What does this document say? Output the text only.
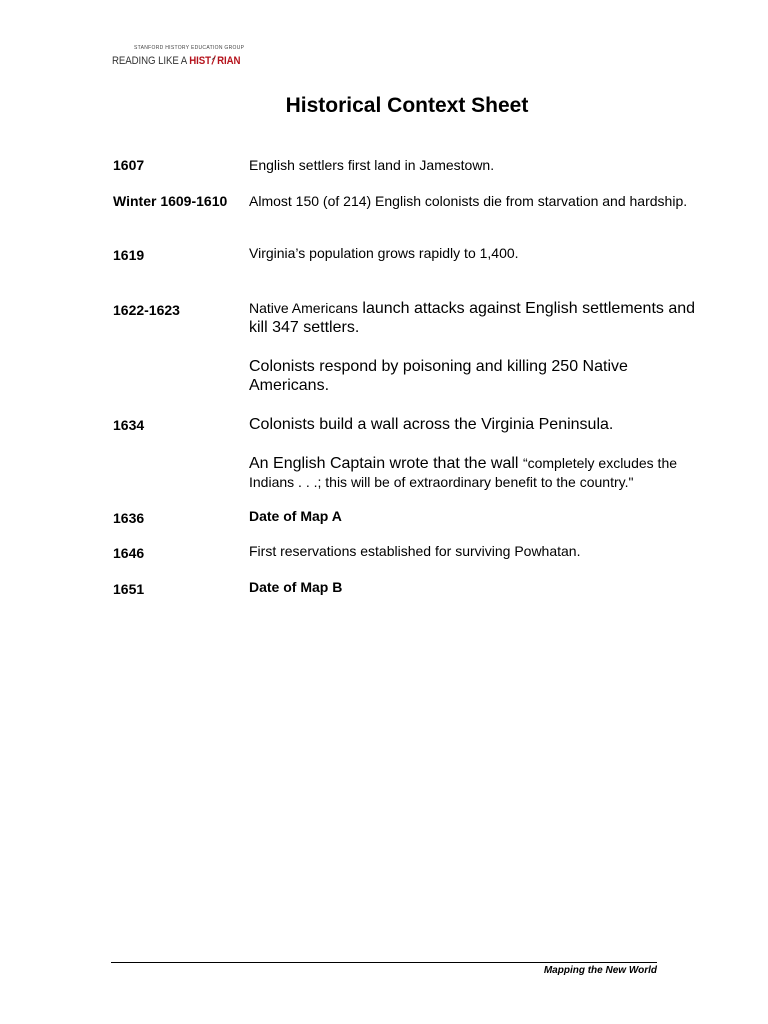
STANFORD HISTORY EDUCATION GROUP
READING LIKE A HIST RIAN
Historical Context Sheet
1607	English settlers first land in Jamestown.
Winter 1609-1610 Almost 150 (of 214) English colonists die from starvation and hardship.
1619	Virginia’s population grows rapidly to 1,400.
1622-1623	Native Americans launch attacks against English settlements and kill 347 settlers.
Colonists respond by poisoning and killing 250 Native Americans.
1634	Colonists build a wall across the Virginia Peninsula.
An English Captain wrote that the wall “completely excludes the Indians . . .; this will be of extraordinary benefit to the country."
1636	Date of Map A
1646	First reservations established for surviving Powhatan.
1651	Date of Map B
Mapping the New World
